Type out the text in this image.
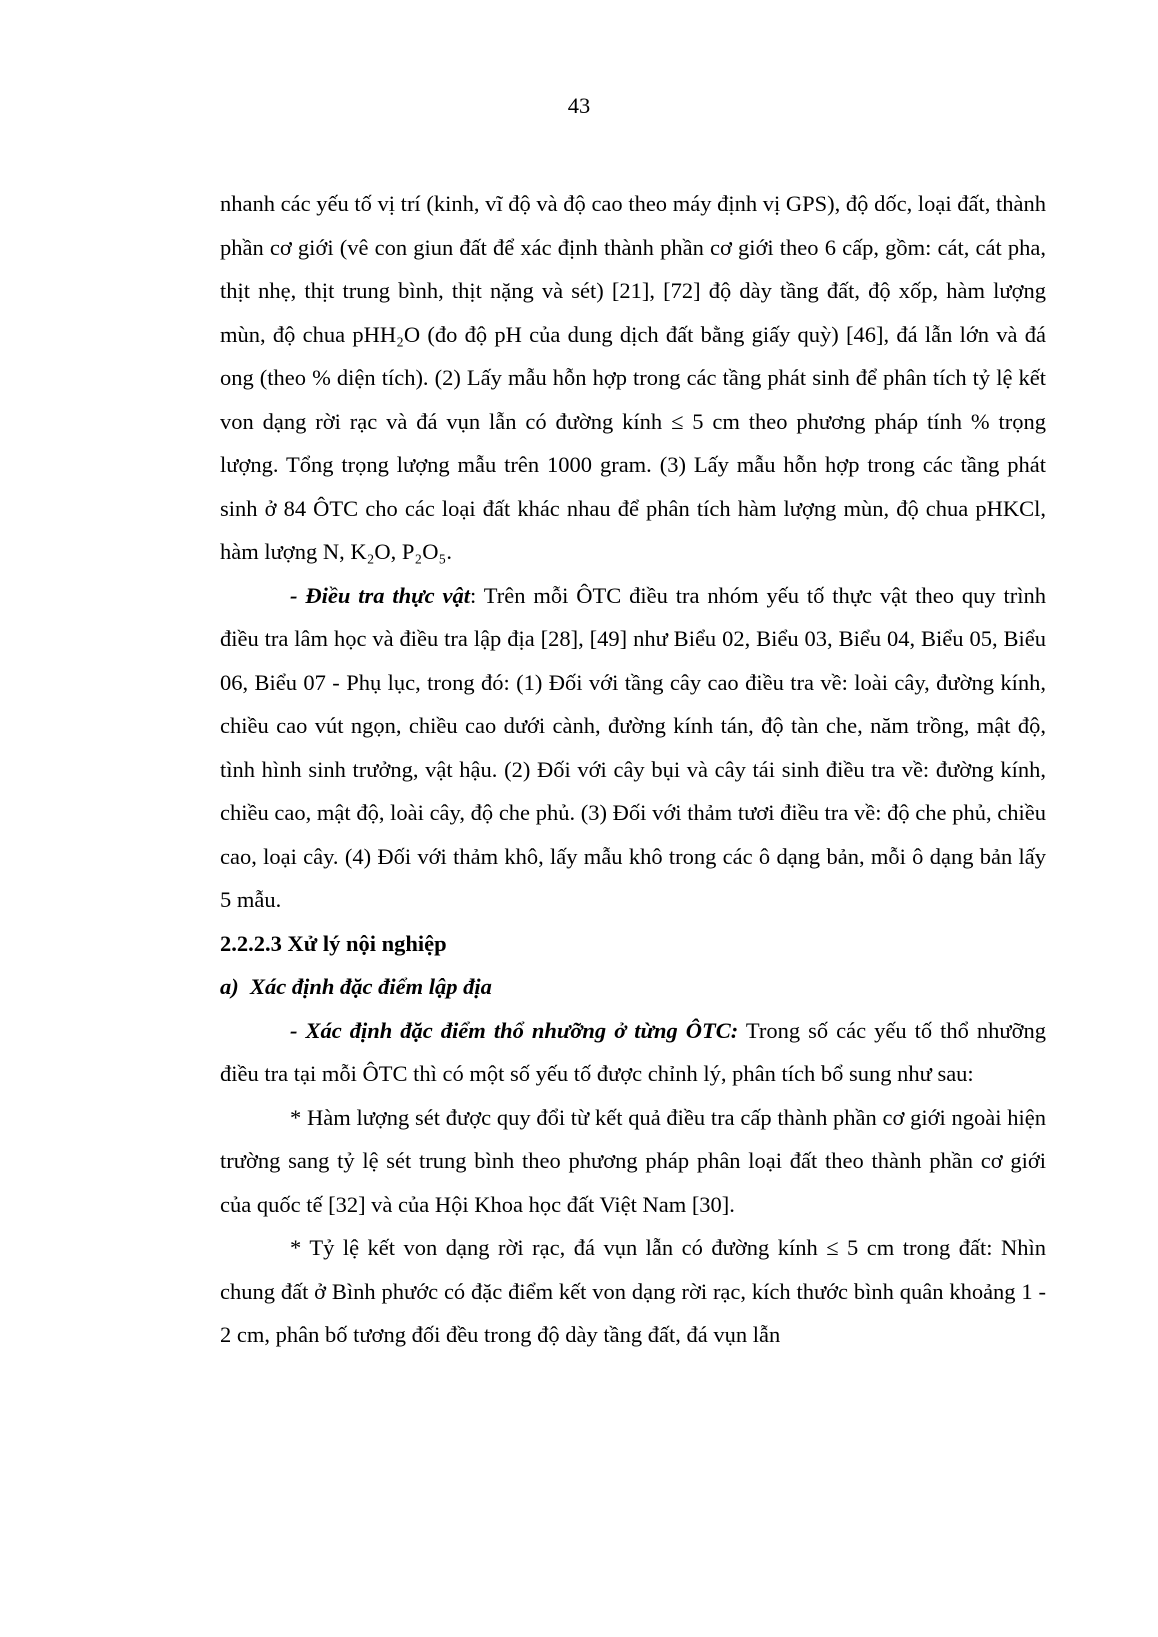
43

nhanh các yếu tố vị trí (kinh, vĩ độ và độ cao theo máy định vị GPS), độ dốc, loại đất, thành phần cơ giới (vê con giun đất để xác định thành phần cơ giới theo 6 cấp, gồm: cát, cát pha, thịt nhẹ, thịt trung bình, thịt nặng và sét) [21], [72] độ dày tầng đất, độ xốp, hàm lượng mùn, độ chua pHH₂O (đo độ pH của dung dịch đất bằng giấy quỳ) [46], đá lẫn lớn và đá ong (theo % diện tích). (2) Lấy mẫu hỗn hợp trong các tầng phát sinh để phân tích tỷ lệ kết von dạng rời rạc và đá vụn lẫn có đường kính ≤ 5 cm theo phương pháp tính % trọng lượng. Tổng trọng lượng mẫu trên 1000 gram. (3) Lấy mẫu hỗn hợp trong các tầng phát sinh ở 84 ÔTC cho các loại đất khác nhau để phân tích hàm lượng mùn, độ chua pHKCl, hàm lượng N, K₂O, P₂O₅.

- Điều tra thực vật: Trên mỗi ÔTC điều tra nhóm yếu tố thực vật theo quy trình điều tra lâm học và điều tra lập địa [28], [49] như Biểu 02, Biểu 03, Biểu 04, Biểu 05, Biểu 06, Biểu 07 - Phụ lục, trong đó: (1) Đối với tầng cây cao điều tra về: loài cây, đường kính, chiều cao vút ngọn, chiều cao dưới cành, đường kính tán, độ tàn che, năm trồng, mật độ, tình hình sinh trưởng, vật hậu. (2) Đối với cây bụi và cây tái sinh điều tra về: đường kính, chiều cao, mật độ, loài cây, độ che phủ. (3) Đối với thảm tươi điều tra về: độ che phủ, chiều cao, loại cây. (4) Đối với thảm khô, lấy mẫu khô trong các ô dạng bản, mỗi ô dạng bản lấy 5 mẫu.

2.2.2.3 Xử lý nội nghiệp

a)  Xác định đặc điểm lập địa

- Xác định đặc điểm thổ nhưỡng ở từng ÔTC: Trong số các yếu tố thổ nhưỡng điều tra tại mỗi ÔTC thì có một số yếu tố được chỉnh lý, phân tích bổ sung như sau:

* Hàm lượng sét được quy đổi từ kết quả điều tra cấp thành phần cơ giới ngoài hiện trường sang tỷ lệ sét trung bình theo phương pháp phân loại đất theo thành phần cơ giới của quốc tế [32] và của Hội Khoa học đất Việt Nam [30].

* Tỷ lệ kết von dạng rời rạc, đá vụn lẫn có đường kính ≤ 5 cm trong đất: Nhìn chung đất ở Bình phước có đặc điểm kết von dạng rời rạc, kích thước bình quân khoảng 1 - 2 cm, phân bố tương đối đều trong độ dày tầng đất, đá vụn lẫn
